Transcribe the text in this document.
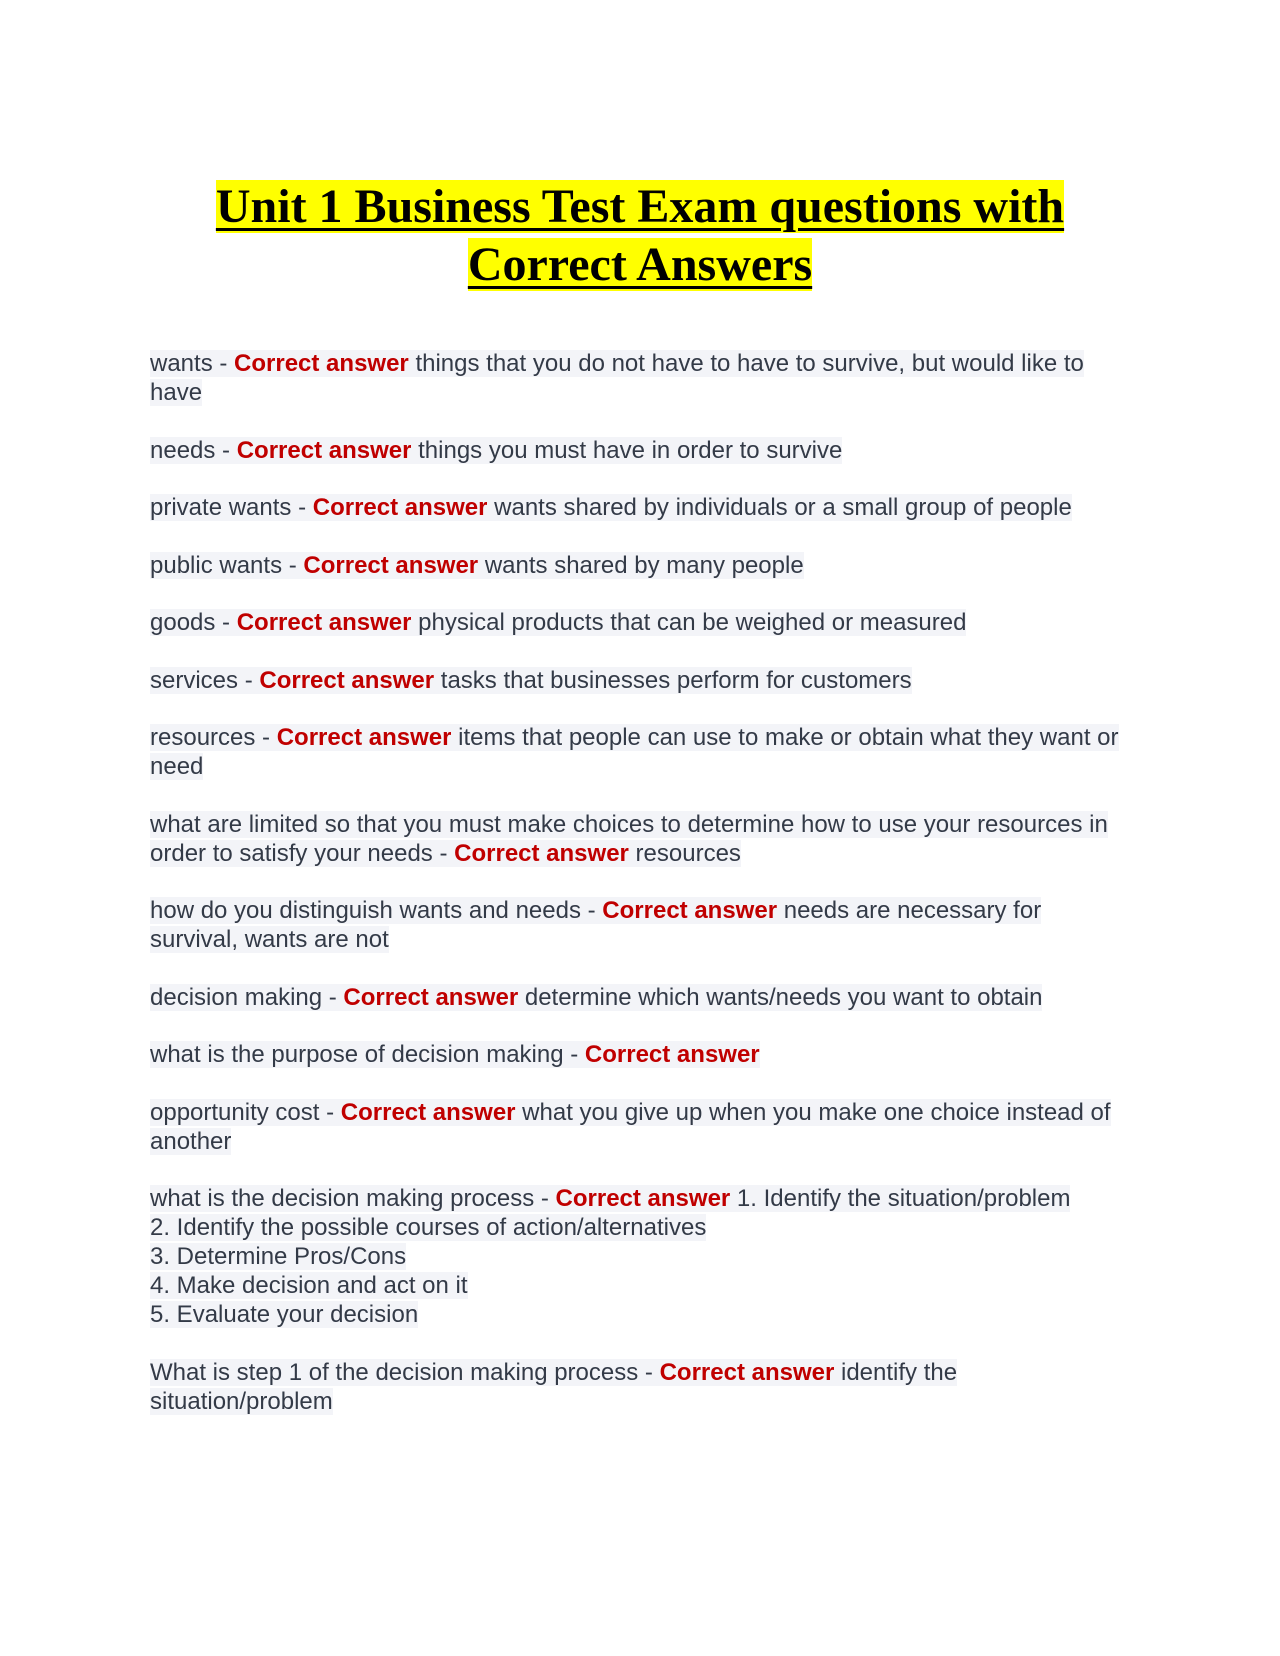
Unit 1 Business Test Exam questions with
Correct Answers

wants - Correct answer things that you do not have to have to survive, but would like to have

needs - Correct answer things you must have in order to survive

private wants - Correct answer wants shared by individuals or a small group of people

public wants - Correct answer wants shared by many people

goods - Correct answer physical products that can be weighed or measured

services - Correct answer tasks that businesses perform for customers

resources - Correct answer items that people can use to make or obtain what they want or need

what are limited so that you must make choices to determine how to use your resources in order to satisfy your needs - Correct answer resources

how do you distinguish wants and needs - Correct answer needs are necessary for survival, wants are not

decision making - Correct answer determine which wants/needs you want to obtain

what is the purpose of decision making - Correct answer

opportunity cost - Correct answer what you give up when you make one choice instead of another

what is the decision making process - Correct answer 1. Identify the situation/problem
2. Identify the possible courses of action/alternatives
3. Determine Pros/Cons
4. Make decision and act on it
5. Evaluate your decision

What is step 1 of the decision making process - Correct answer identify the situation/problem
